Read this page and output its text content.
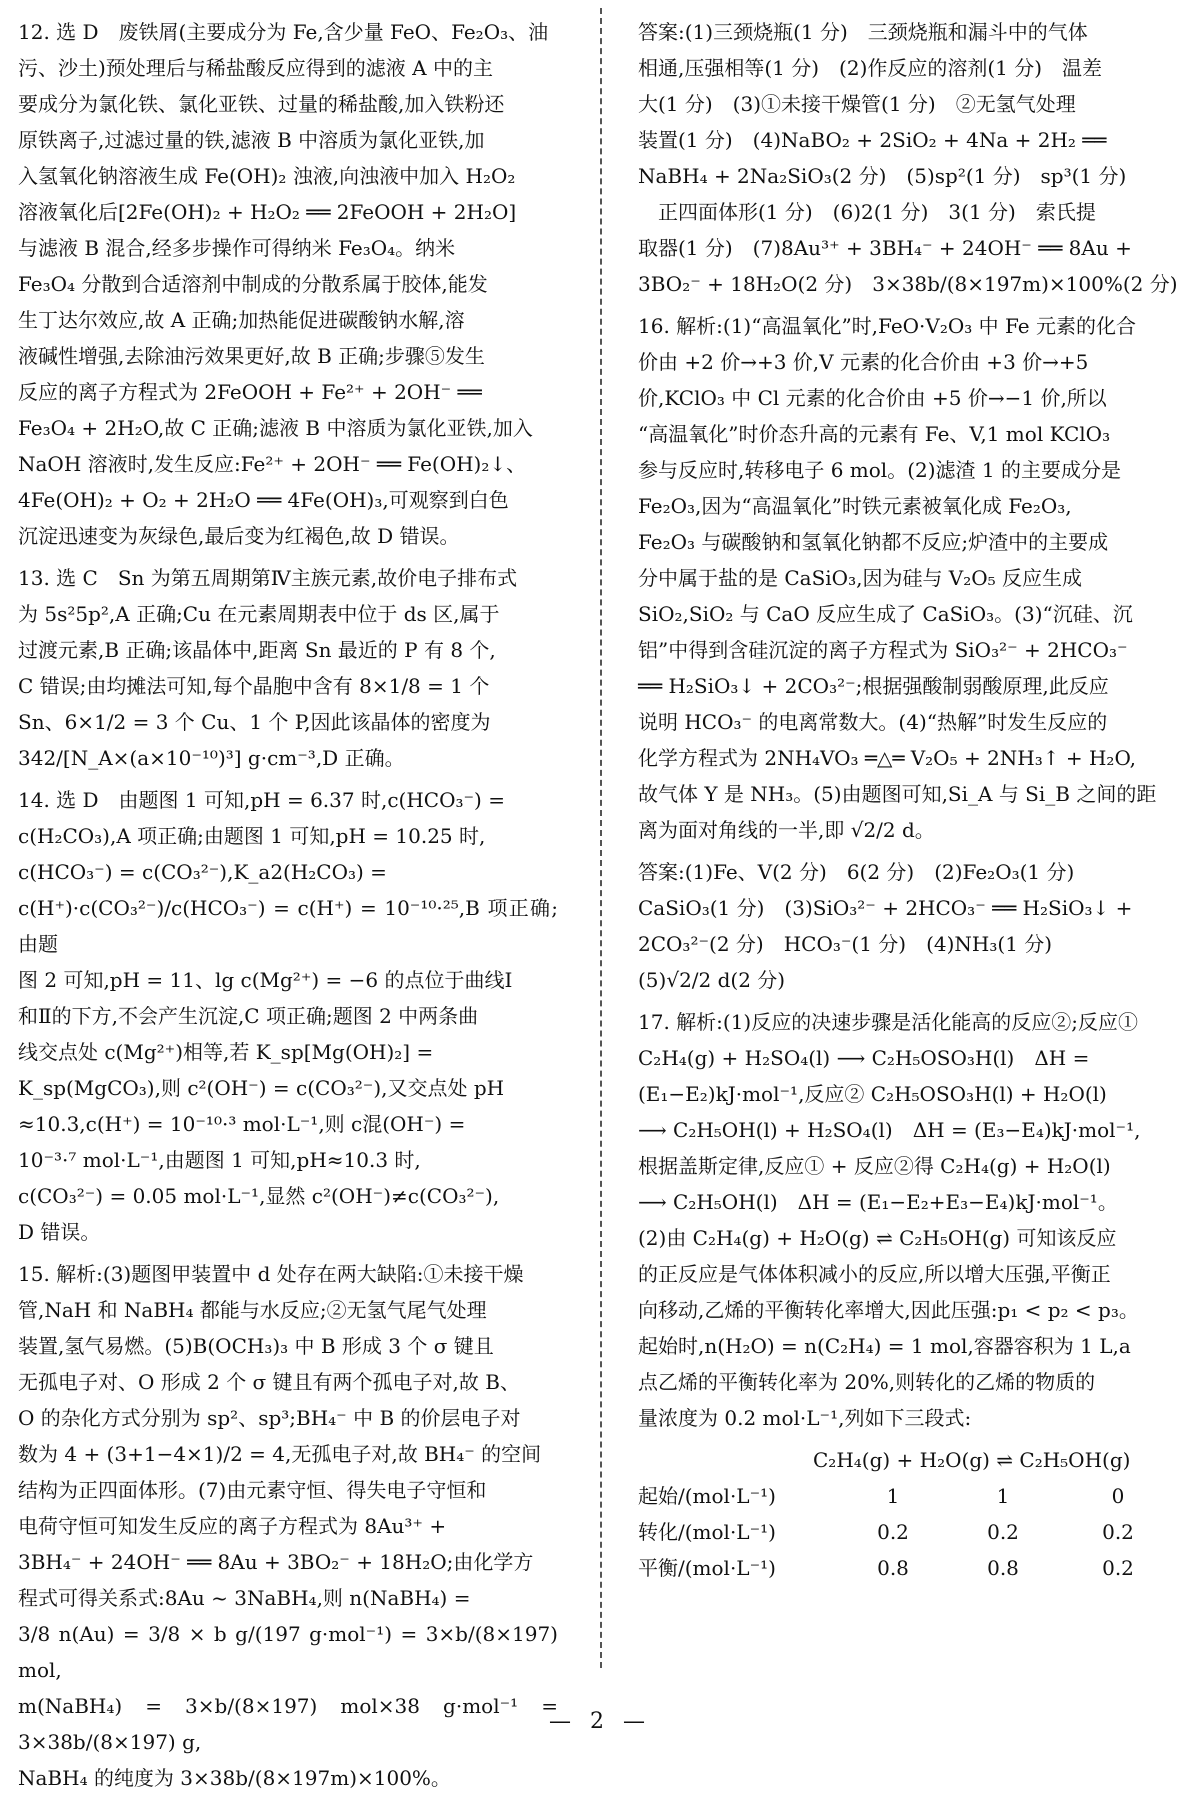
12. 选 D　废铁屑(主要成分为 Fe,含少量 FeO、Fe₂O₃、油

污、沙土)预处理后与稀盐酸反应得到的滤液 A 中的主

要成分为氯化铁、氯化亚铁、过量的稀盐酸,加入铁粉还

原铁离子,过滤过量的铁,滤液 B 中溶质为氯化亚铁,加

入氢氧化钠溶液生成 Fe(OH)₂ 浊液,向浊液中加入 H₂O₂

溶液氧化后[2Fe(OH)₂ + H₂O₂ ══ 2FeOOH + 2H₂O]

与滤液 B 混合,经多步操作可得纳米 Fe₃O₄。纳米

Fe₃O₄ 分散到合适溶剂中制成的分散系属于胶体,能发

生丁达尔效应,故 A 正确;加热能促进碳酸钠水解,溶

液碱性增强,去除油污效果更好,故 B 正确;步骤⑤发生

反应的离子方程式为 2FeOOH + Fe²⁺ + 2OH⁻ ══

Fe₃O₄ + 2H₂O,故 C 正确;滤液 B 中溶质为氯化亚铁,加入

NaOH 溶液时,发生反应:Fe²⁺ + 2OH⁻ ══ Fe(OH)₂↓、

4Fe(OH)₂ + O₂ + 2H₂O ══ 4Fe(OH)₃,可观察到白色

沉淀迅速变为灰绿色,最后变为红褐色,故 D 错误。

13. 选 C　Sn 为第五周期第Ⅳ主族元素,故价电子排布式

为 5s²5p²,A 正确;Cu 在元素周期表中位于 ds 区,属于

过渡元素,B 正确;该晶体中,距离 Sn 最近的 P 有 8 个,

C 错误;由均摊法可知,每个晶胞中含有 8×1/8 = 1 个

Sn、6×1/2 = 3 个 Cu、1 个 P,因此该晶体的密度为

342/[N_A×(a×10⁻¹⁰)³] g·cm⁻³,D 正确。

14. 选 D　由题图 1 可知,pH = 6.37 时,c(HCO₃⁻) =

c(H₂CO₃),A 项正确;由题图 1 可知,pH = 10.25 时,

c(HCO₃⁻) = c(CO₃²⁻),K_a2(H₂CO₃) =

c(H⁺)·c(CO₃²⁻)/c(HCO₃⁻) = c(H⁺) = 10⁻¹⁰·²⁵,B 项正确;由题

图 2 可知,pH = 11、lg c(Mg²⁺) = −6 的点位于曲线Ⅰ

和Ⅱ的下方,不会产生沉淀,C 项正确;题图 2 中两条曲

线交点处 c(Mg²⁺)相等,若 K_sp[Mg(OH)₂] =

K_sp(MgCO₃),则 c²(OH⁻) = c(CO₃²⁻),又交点处 pH

≈10.3,c(H⁺) = 10⁻¹⁰·³ mol·L⁻¹,则 c混(OH⁻) =

10⁻³·⁷ mol·L⁻¹,由题图 1 可知,pH≈10.3 时,

c(CO₃²⁻) = 0.05 mol·L⁻¹,显然 c²(OH⁻)≠c(CO₃²⁻),

D 错误。

15. 解析:(3)题图甲装置中 d 处存在两大缺陷:①未接干燥

管,NaH 和 NaBH₄ 都能与水反应;②无氢气尾气处理

装置,氢气易燃。(5)B(OCH₃)₃ 中 B 形成 3 个 σ 键且

无孤电子对、O 形成 2 个 σ 键且有两个孤电子对,故 B、

O 的杂化方式分别为 sp²、sp³;BH₄⁻ 中 B 的价层电子对

数为 4 + (3+1−4×1)/2 = 4,无孤电子对,故 BH₄⁻ 的空间

结构为正四面体形。(7)由元素守恒、得失电子守恒和

电荷守恒可知发生反应的离子方程式为 8Au³⁺ +

3BH₄⁻ + 24OH⁻ ══ 8Au + 3BO₂⁻ + 18H₂O;由化学方

程式可得关系式:8Au ~ 3NaBH₄,则 n(NaBH₄) =

3/8 n(Au) = 3/8 × b g/(197 g·mol⁻¹) = 3×b/(8×197) mol,

m(NaBH₄) = 3×b/(8×197) mol×38 g·mol⁻¹ = 3×38b/(8×197) g,

NaBH₄ 的纯度为 3×38b/(8×197m)×100%。

答案:(1)三颈烧瓶(1 分)　三颈烧瓶和漏斗中的气体

相通,压强相等(1 分)　(2)作反应的溶剂(1 分)　温差

大(1 分)　(3)①未接干燥管(1 分)　②无氢气处理

装置(1 分)　(4)NaBO₂ + 2SiO₂ + 4Na + 2H₂ ══

NaBH₄ + 2Na₂SiO₃(2 分)　(5)sp²(1 分)　sp³(1 分)

　正四面体形(1 分)　(6)2(1 分)　3(1 分)　索氏提

取器(1 分)　(7)8Au³⁺ + 3BH₄⁻ + 24OH⁻ ══ 8Au +

3BO₂⁻ + 18H₂O(2 分)　3×38b/(8×197m)×100%(2 分)

16. 解析:(1)“高温氧化”时,FeO·V₂O₃ 中 Fe 元素的化合

价由 +2 价→+3 价,V 元素的化合价由 +3 价→+5

价,KClO₃ 中 Cl 元素的化合价由 +5 价→−1 价,所以

“高温氧化”时价态升高的元素有 Fe、V,1 mol KClO₃

参与反应时,转移电子 6 mol。(2)滤渣 1 的主要成分是

Fe₂O₃,因为“高温氧化”时铁元素被氧化成 Fe₂O₃,

Fe₂O₃ 与碳酸钠和氢氧化钠都不反应;炉渣中的主要成

分中属于盐的是 CaSiO₃,因为硅与 V₂O₅ 反应生成

SiO₂,SiO₂ 与 CaO 反应生成了 CaSiO₃。(3)“沉硅、沉

铝”中得到含硅沉淀的离子方程式为 SiO₃²⁻ + 2HCO₃⁻

══ H₂SiO₃↓ + 2CO₃²⁻;根据强酸制弱酸原理,此反应

说明 HCO₃⁻ 的电离常数大。(4)“热解”时发生反应的

化学方程式为 2NH₄VO₃ ═△═ V₂O₅ + 2NH₃↑ + H₂O,

故气体 Y 是 NH₃。(5)由题图可知,Si_A 与 Si_B 之间的距

离为面对角线的一半,即 √2/2 d。

答案:(1)Fe、V(2 分)　6(2 分)　(2)Fe₂O₃(1 分)

CaSiO₃(1 分)　(3)SiO₃²⁻ + 2HCO₃⁻ ══ H₂SiO₃↓ +

2CO₃²⁻(2 分)　HCO₃⁻(1 分)　(4)NH₃(1 分)

(5)√2/2 d(2 分)

17. 解析:(1)反应的决速步骤是活化能高的反应②;反应①

C₂H₄(g) + H₂SO₄(l) ⟶ C₂H₅OSO₃H(l)　ΔH =

(E₁−E₂)kJ·mol⁻¹,反应② C₂H₅OSO₃H(l) + H₂O(l)

⟶ C₂H₅OH(l) + H₂SO₄(l)　ΔH = (E₃−E₄)kJ·mol⁻¹,

根据盖斯定律,反应① + 反应②得 C₂H₄(g) + H₂O(l)

⟶ C₂H₅OH(l)　ΔH = (E₁−E₂+E₃−E₄)kJ·mol⁻¹。

(2)由 C₂H₄(g) + H₂O(g) ⇌ C₂H₅OH(g) 可知该反应

的正反应是气体体积减小的反应,所以增大压强,平衡正

向移动,乙烯的平衡转化率增大,因此压强:p₁ < p₂ < p₃。

起始时,n(H₂O) = n(C₂H₄) = 1 mol,容器容积为 1 L,a

点乙烯的平衡转化率为 20%,则转化的乙烯的物质的

量浓度为 0.2 mol·L⁻¹,列如下三段式:

C₂H₄(g) + H₂O(g) ⇌ C₂H₅OH(g)
起始/(mol·L⁻¹)	1	1	0
转化/(mol·L⁻¹)	0.2	0.2	0.2
平衡/(mol·L⁻¹)	0.8	0.8	0.2
— 2 —
